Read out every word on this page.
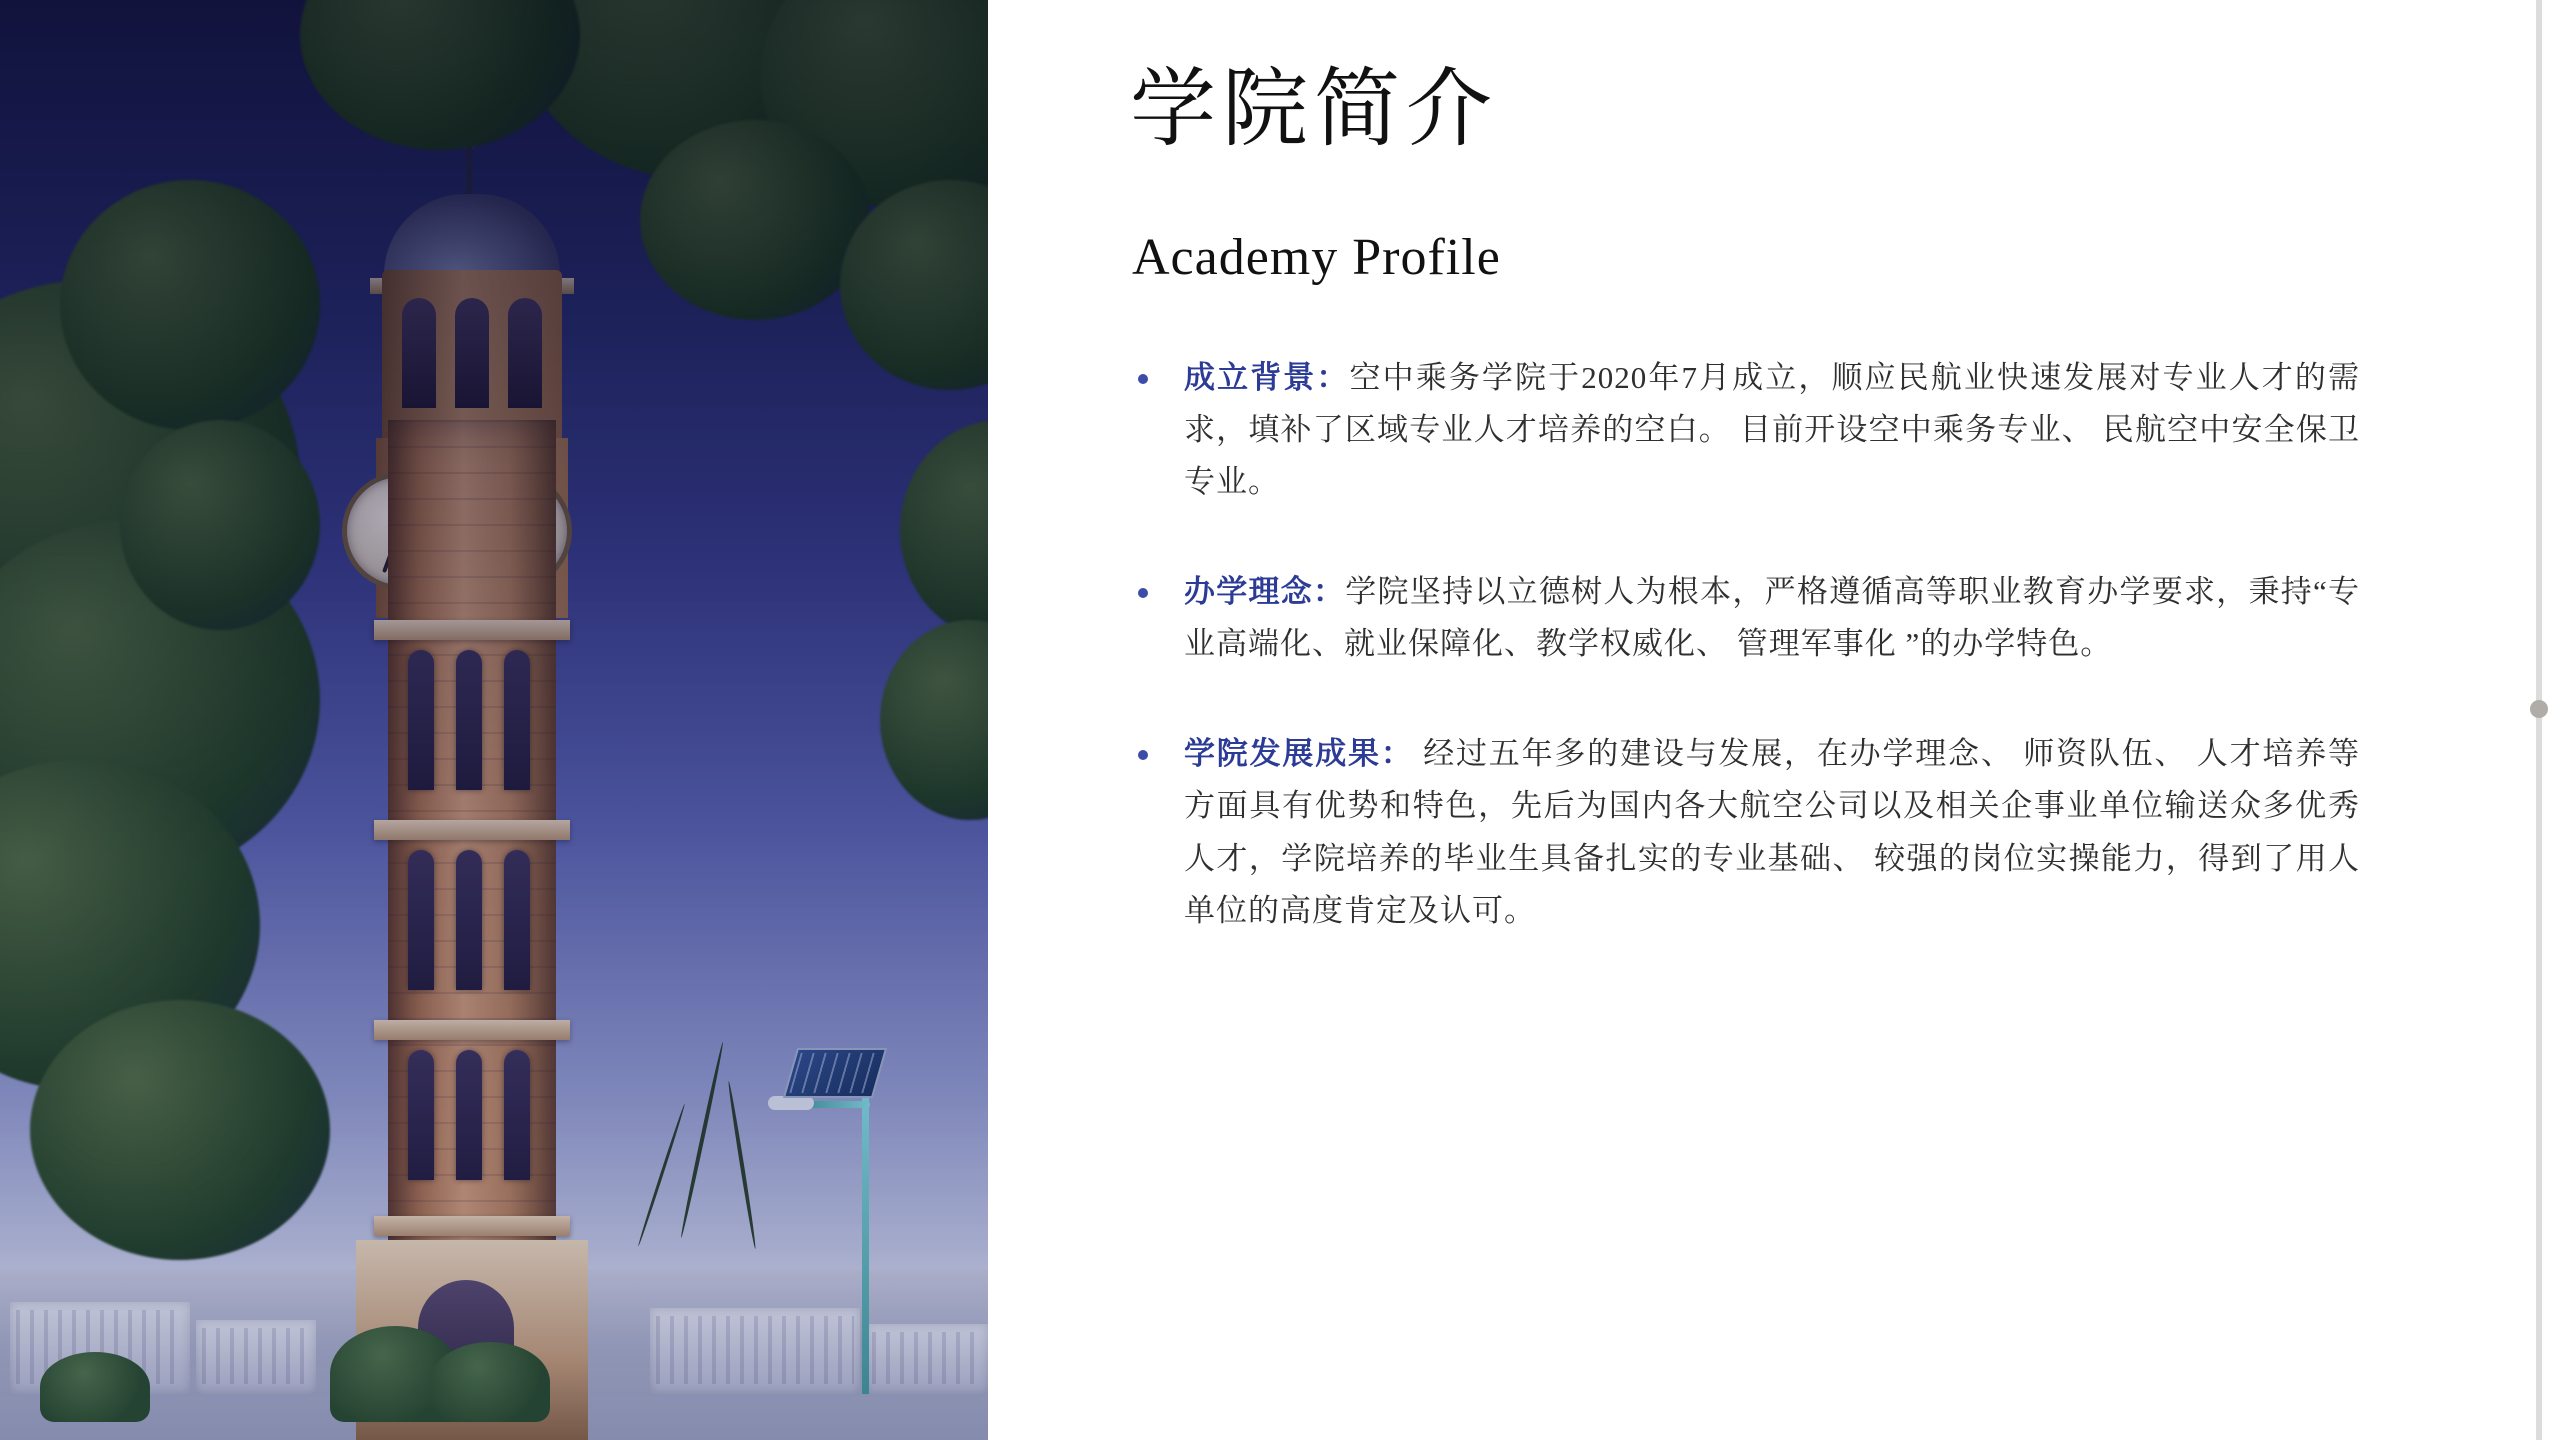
学院简介
Academy Profile
成立背景：空中乘务学院于2020年7月成立，顺应民航业快速发展对专业人才的需求，填补了区域专业人才培养的空白。 目前开设空中乘务专业、 民航空中安全保卫专业。
办学理念：学院坚持以立德树人为根本，严格遵循高等职业教育办学要求，秉持“专业高端化、就业保障化、教学权威化、 管理军事化 ”的办学特色。
学院发展成果： 经过五年多的建设与发展，在办学理念、 师资队伍、 人才培养等方面具有优势和特色，先后为国内各大航空公司以及相关企事业单位输送众多优秀人才，学院培养的毕业生具备扎实的专业基础、 较强的岗位实操能力，得到了用人单位的高度肯定及认可。
